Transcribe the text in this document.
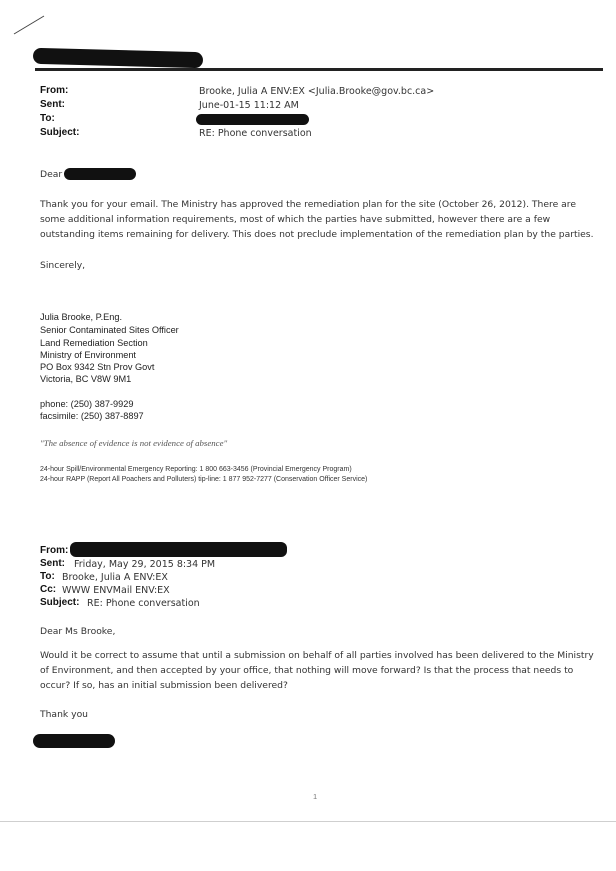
From:	Brooke, Julia A ENV:EX <Julia.Brooke@gov.bc.ca>
Sent:	June-01-15 11:12 AM
To:
Subject:	RE: Phone conversation
Dear
Thank you for your email. The Ministry has approved the remediation plan for the site (October 26, 2012). There are
some additional information requirements, most of which the parties have submitted, however there are a few
outstanding items remaining for delivery. This does not preclude implementation of the remediation plan by the parties.
Sincerely,
Julia Brooke, P.Eng.
Senior Contaminated Sites Officer
Land Remediation Section
Ministry of Environment
PO Box 9342 Stn Prov Govt
Victoria, BC V8W 9M1
phone: (250) 387-9929
facsimile: (250) 387-8897
"The absence of evidence is not evidence of absence"
24-hour Spill/Environmental Emergency Reporting: 1 800 663-3456 (Provincial Emergency Program)
24-hour RAPP (Report All Poachers and Polluters) tip-line: 1 877 952-7277 (Conservation Officer Service)
From:
Sent: Friday, May 29, 2015 8:34 PM
To: Brooke, Julia A ENV:EX
Cc: WWW ENVMail ENV:EX
Subject: RE: Phone conversation
Dear Ms Brooke,
Would it be correct to assume that until a submission on behalf of all parties involved has been delivered to the Ministry
of Environment, and then accepted by your office, that nothing will move forward? Is that the process that needs to
occur? If so, has an initial submission been delivered?
Thank you
1
